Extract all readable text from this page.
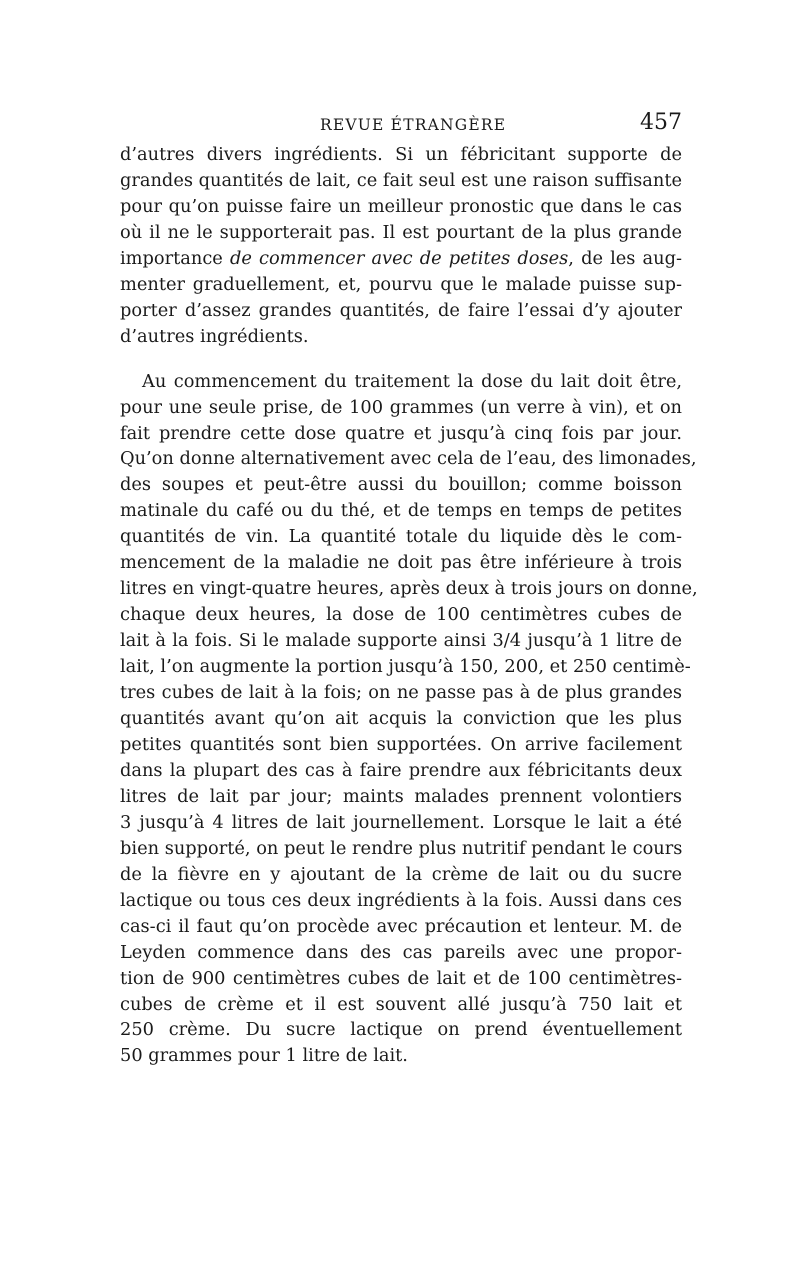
REVUE ÉTRANGÈRE	457

d’autres divers ingrédients. Si un fébricitant supporte de
grandes quantités de lait, ce fait seul est une raison suffisante
pour qu’on puisse faire un meilleur pronostic que dans le cas
où il ne le supporterait pas. Il est pourtant de la plus grande
importance de commencer avec de petites doses, de les aug-
menter graduellement, et, pourvu que le malade puisse sup-
porter d’assez grandes quantités, de faire l’essai d’y ajouter
d’autres ingrédients.

Au commencement du traitement la dose du lait doit être,
pour une seule prise, de 100 grammes (un verre à vin), et on
fait prendre cette dose quatre et jusqu’à cinq fois par jour.
Qu’on donne alternativement avec cela de l’eau, des limonades,
des soupes et peut-être aussi du bouillon; comme boisson
matinale du café ou du thé, et de temps en temps de petites
quantités de vin. La quantité totale du liquide dès le com-
mencement de la maladie ne doit pas être inférieure à trois
litres en vingt-quatre heures, après deux à trois jours on donne,
chaque deux heures, la dose de 100 centimètres cubes de
lait à la fois. Si le malade supporte ainsi 3/4 jusqu’à 1 litre de
lait, l’on augmente la portion jusqu’à 150, 200, et 250 centimè-
tres cubes de lait à la fois; on ne passe pas à de plus grandes
quantités avant qu’on ait acquis la conviction que les plus
petites quantités sont bien supportées. On arrive facilement
dans la plupart des cas à faire prendre aux fébricitants deux
litres de lait par jour; maints malades prennent volontiers
3 jusqu’à 4 litres de lait journellement. Lorsque le lait a été
bien supporté, on peut le rendre plus nutritif pendant le cours
de la fièvre en y ajoutant de la crème de lait ou du sucre
lactique ou tous ces deux ingrédients à la fois. Aussi dans ces
cas-ci il faut qu’on procède avec précaution et lenteur. M. de
Leyden commence dans des cas pareils avec une propor-
tion de 900 centimètres cubes de lait et de 100 centimètres-
cubes de crème et il est souvent allé jusqu’à 750 lait et
250 crème. Du sucre lactique on prend éventuellement
50 grammes pour 1 litre de lait.
